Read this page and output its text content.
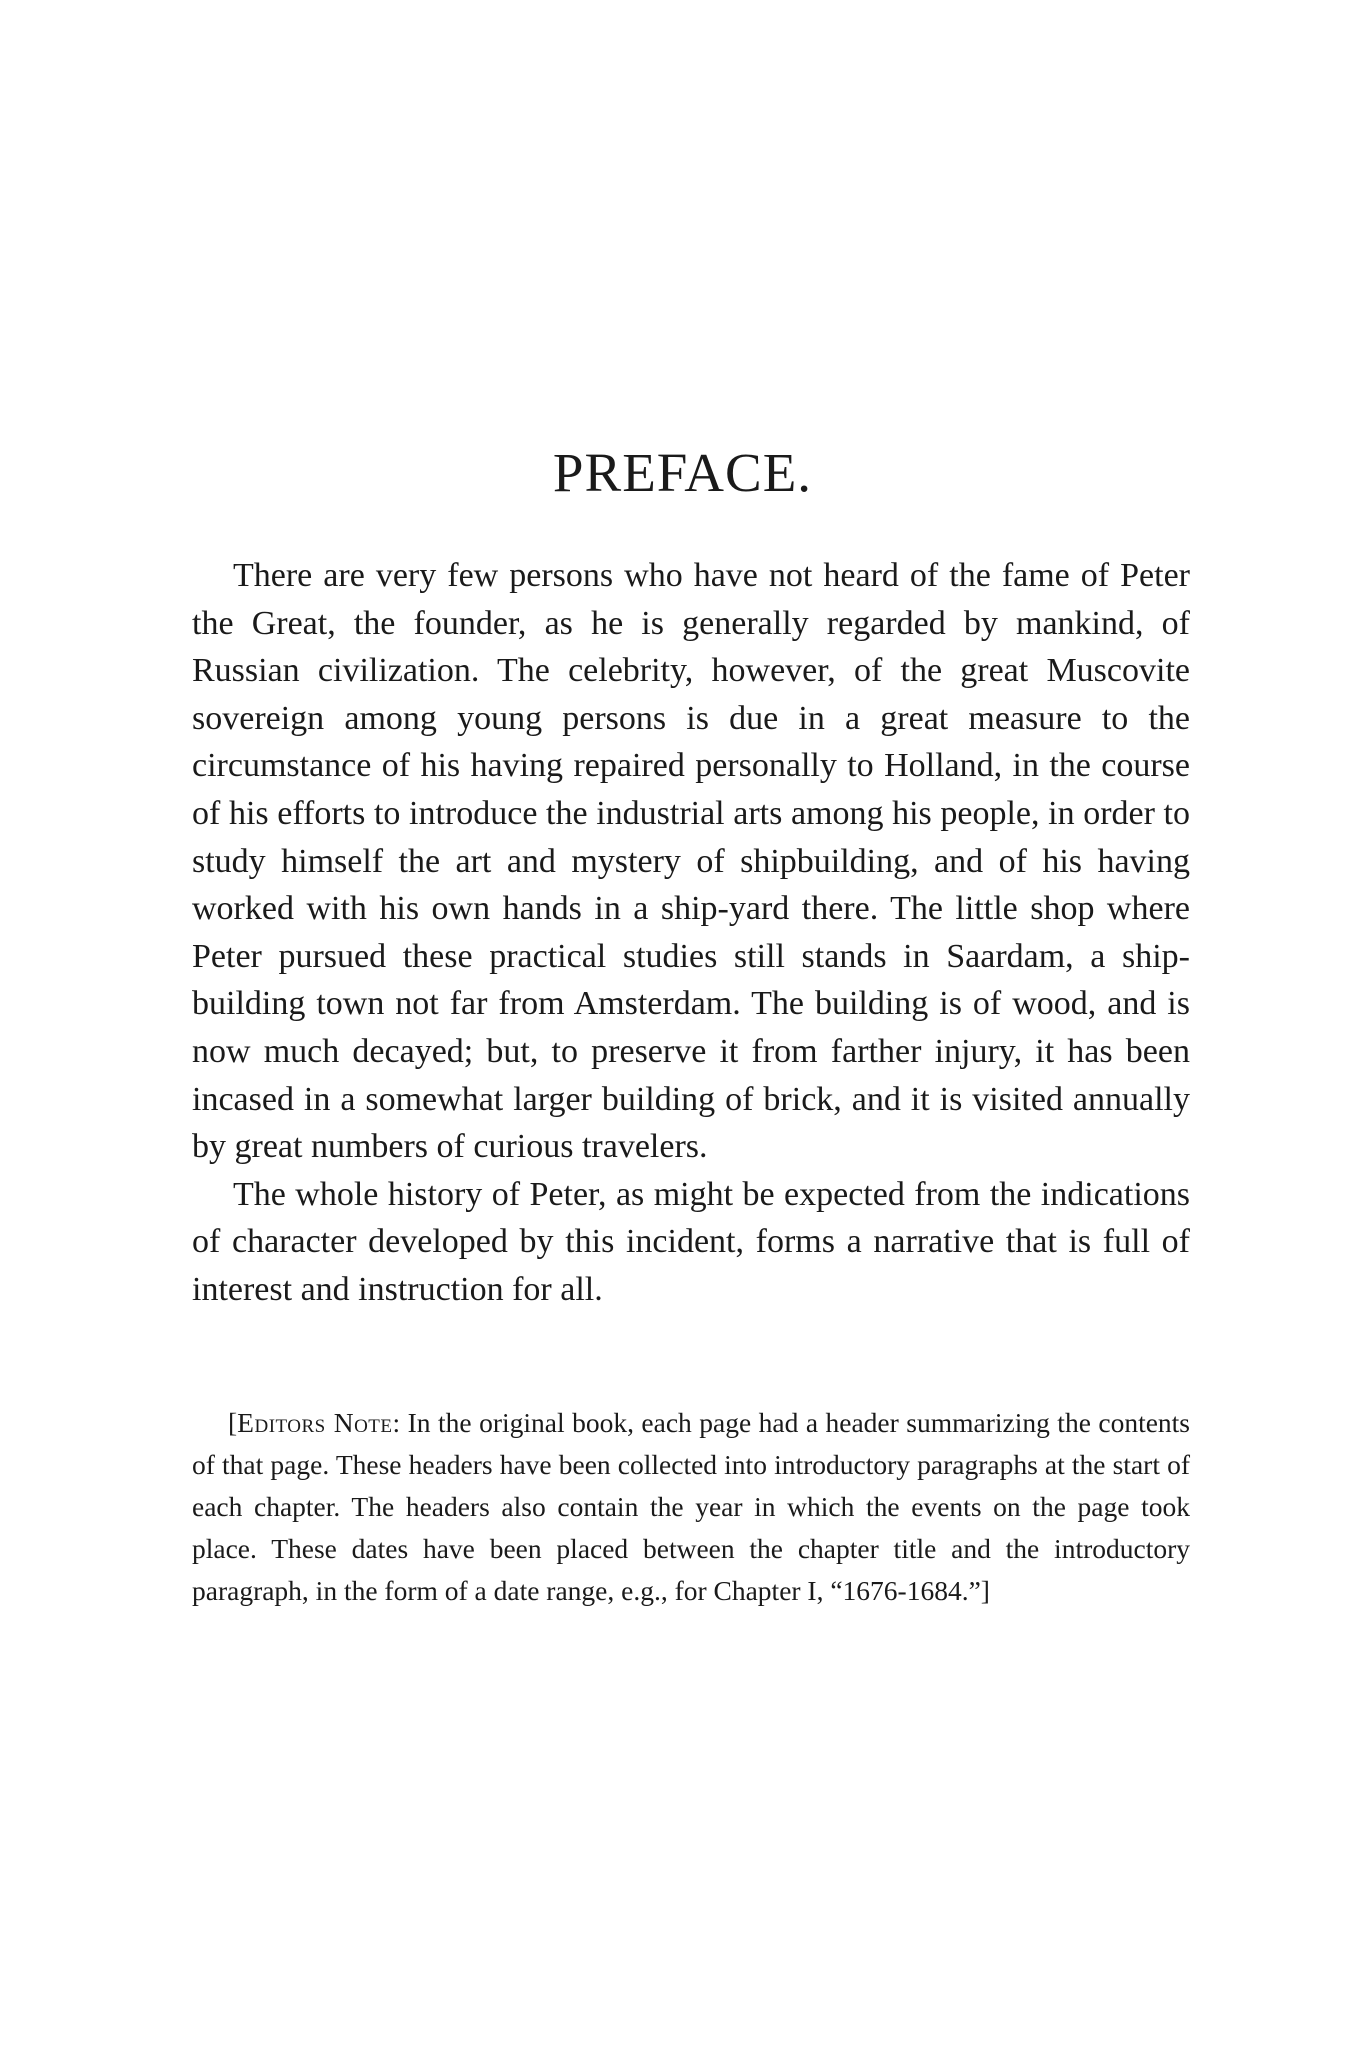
PREFACE.

There are very few persons who have not heard of the fame of Peter the Great, the founder, as he is generally regarded by mankind, of Russian civilization. The celebrity, however, of the great Muscovite sovereign among young persons is due in a great measure to the circumstance of his having repaired personally to Holland, in the course of his efforts to introduce the industrial arts among his people, in order to study himself the art and mystery of shipbuilding, and of his having worked with his own hands in a ship-yard there. The little shop where Peter pursued these practical studies still stands in Saardam, a ship-building town not far from Amsterdam. The building is of wood, and is now much decayed; but, to preserve it from farther injury, it has been incased in a somewhat larger building of brick, and it is visited annually by great numbers of curious travelers.

The whole history of Peter, as might be expected from the indications of character developed by this incident, forms a narrative that is full of interest and instruction for all.

[Editors Note: In the original book, each page had a header summarizing the contents of that page. These headers have been collected into introductory paragraphs at the start of each chapter. The headers also contain the year in which the events on the page took place. These dates have been placed between the chapter title and the introductory paragraph, in the form of a date range, e.g., for Chapter I, “1676-1684.”]
